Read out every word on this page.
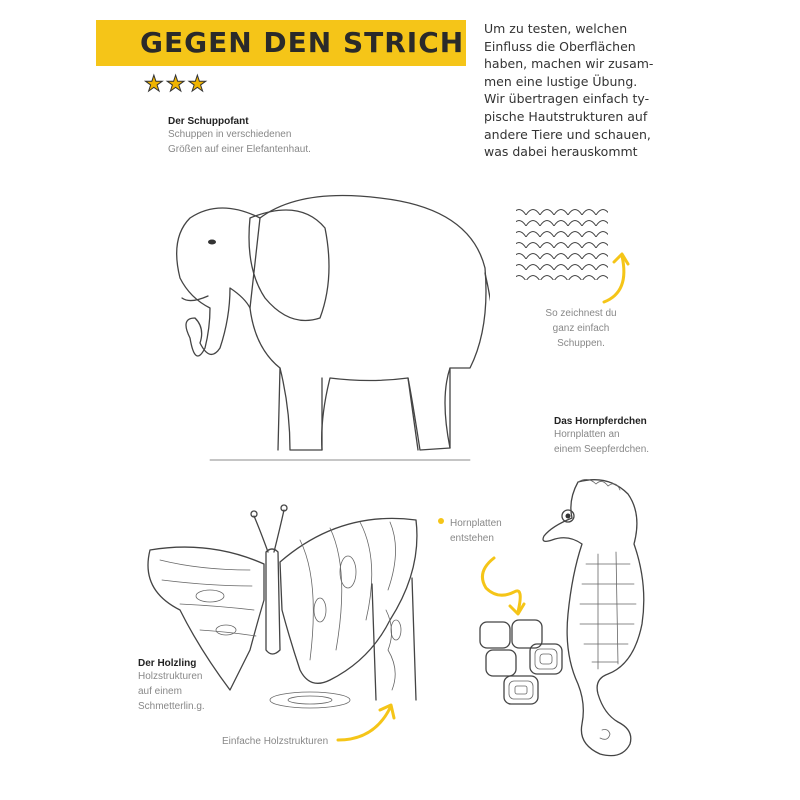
GEGEN DEN STRICH
★★★
Um zu testen, welchen
Einfluss die Oberflächen
haben, machen wir zusam-
men eine lustige Übung.
Wir übertragen einfach ty-
pische Hautstrukturen auf
andere Tiere und schauen,
was dabei herauskommt
Der Schuppofant
Schuppen in verschiedenen
Größen auf einer Elefantenhaut.
So zeichnest du
ganz einfach
Schuppen.
Das Hornpferdchen
Hornplatten an
einem Seepferdchen.
Hornplatten
entstehen
Der Holzling
Holzstrukturen
auf einem
Schmetterlin.g.
Einfache Holzstrukturen
